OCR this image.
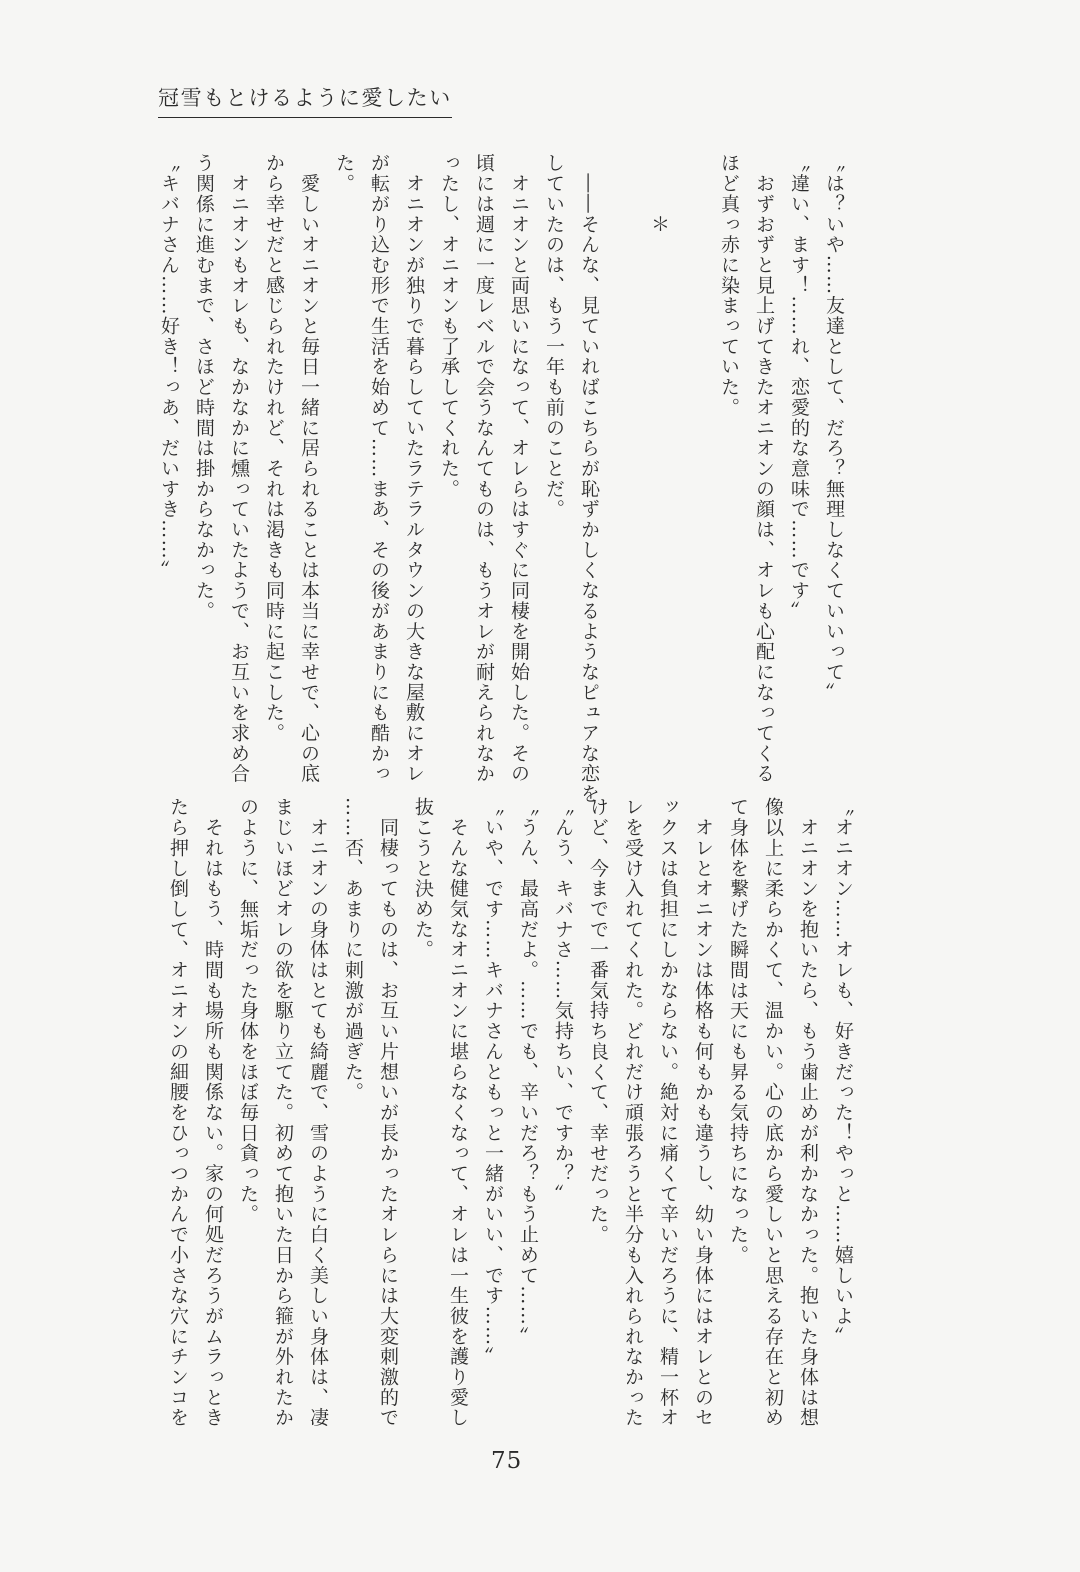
冠雪もとけるように愛したい

〝は？いや……友達として、だろ？無理しなくていいって〟

〝違い、ます！……れ、恋愛的な意味で……です〟

　おずおずと見上げてきたオニオンの顔は、オレも心配になってくる

ほど真っ赤に染まっていた。

　　　＊

　――そんな、見ていればこちらが恥ずかしくなるようなピュアな恋を

していたのは、もう一年も前のことだ。

　オニオンと両思いになって、オレらはすぐに同棲を開始した。その

頃には週に一度レベルで会うなんてものは、もうオレが耐えられなか

ったし、オニオンも了承してくれた。

　オニオンが独りで暮らしていたラテラルタウンの大きな屋敷にオレ

が転がり込む形で生活を始めて……まあ、その後があまりにも酷かっ

た。

　愛しいオニオンと毎日一緒に居られることは本当に幸せで、心の底

から幸せだと感じられたけれど、それは渇きも同時に起こした。

　オニオンもオレも、なかなかに燻っていたようで、お互いを求め合

う関係に進むまで、さほど時間は掛からなかった。

〝キバナさん……好き！っあ、だいすき……〟

〝オニオン……オレも、好きだった！やっと……嬉しいよ〟

　オニオンを抱いたら、もう歯止めが利かなかった。抱いた身体は想

像以上に柔らかくて、温かい。心の底から愛しいと思える存在と初め

て身体を繋げた瞬間は天にも昇る気持ちになった。

　オレとオニオンは体格も何もかも違うし、幼い身体にはオレとのセ

ックスは負担にしかならない。絶対に痛くて辛いだろうに、精一杯オ

レを受け入れてくれた。どれだけ頑張ろうと半分も入れられなかった

けど、今までで一番気持ち良くて、幸せだった。

〝んう、キバナさ……気持ちい、ですか？〟

〝うん、最高だよ。……でも、辛いだろ？もう止めて……〟

〝いや、です……キバナさんともっと一緒がいい、です……〟

　そんな健気なオニオンに堪らなくなって、オレは一生彼を護り愛し

抜こうと決めた。

　同棲ってものは、お互い片想いが長かったオレらには大変刺激的で

……否、あまりに刺激が過ぎた。

　オニオンの身体はとても綺麗で、雪のように白く美しい身体は、凄

まじいほどオレの欲を駆り立てた。初めて抱いた日から箍が外れたか

のように、無垢だった身体をほぼ毎日貪った。

　それはもう、時間も場所も関係ない。家の何処だろうがムラっとき

たら押し倒して、オニオンの細腰をひっつかんで小さな穴にチンコを

75
